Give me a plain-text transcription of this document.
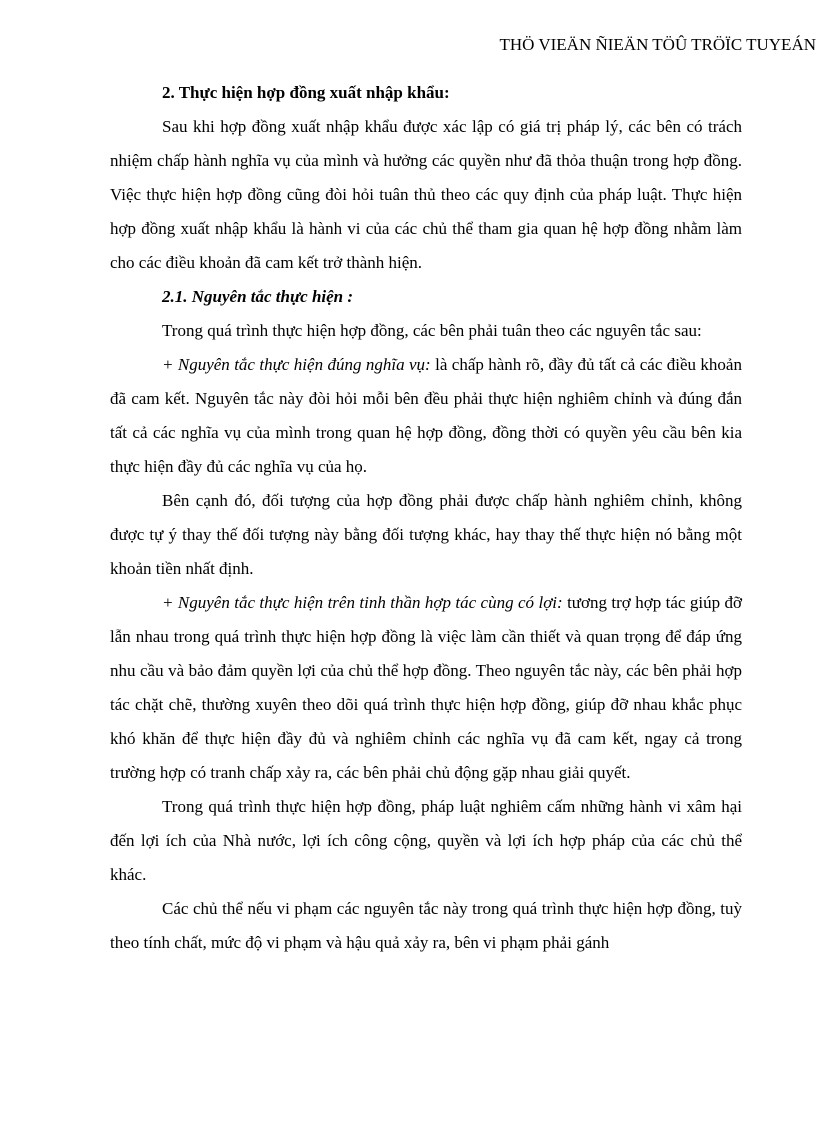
THÖ VIEÄN ÑIEÄN TÖÛ TRÖÏC TUYEÁN

2. Thực hiện hợp đồng xuất nhập khẩu:

Sau khi hợp đồng xuất nhập khẩu được xác lập có giá trị pháp lý, các bên có trách nhiệm chấp hành nghĩa vụ của mình và hưởng các quyền như đã thỏa thuận trong hợp đồng. Việc thực hiện hợp đồng cũng đòi hỏi tuân thủ theo các quy định của pháp luật. Thực hiện hợp đồng xuất nhập khẩu là hành vi của các chủ thể tham gia quan hệ hợp đồng nhằm làm cho các điều khoản đã cam kết trở thành hiện.

2.1. Nguyên tắc thực hiện :

Trong quá trình thực hiện hợp đồng, các bên phải tuân theo các nguyên tắc sau:

+ Nguyên tắc thực hiện đúng nghĩa vụ: là chấp hành rõ, đầy đủ tất cả các điều khoản đã cam kết. Nguyên tắc này đòi hỏi mỗi bên đều phải thực hiện nghiêm chỉnh và đúng đắn tất cả các nghĩa vụ của mình trong quan hệ hợp đồng, đồng thời có quyền yêu cầu bên kia thực hiện đầy đủ các nghĩa vụ của họ.

Bên cạnh đó, đối tượng của hợp đồng phải được chấp hành nghiêm chỉnh, không được tự ý thay thế đối tượng này bằng đối tượng khác, hay thay thế thực hiện nó bằng một khoản tiền nhất định.

+ Nguyên tắc thực hiện trên tinh thần hợp tác cùng có lợi: tương trợ hợp tác giúp đỡ lẫn nhau trong quá trình thực hiện hợp đồng là việc làm cần thiết và quan trọng để đáp ứng nhu cầu và bảo đảm quyền lợi của chủ thể hợp đồng. Theo nguyên tắc này, các bên phải hợp tác chặt chẽ, thường xuyên theo dõi quá trình thực hiện hợp đồng, giúp đỡ nhau khắc phục khó khăn để thực hiện đầy đủ và nghiêm chỉnh các nghĩa vụ đã cam kết, ngay cả trong trường hợp có tranh chấp xảy ra, các bên phải chủ động gặp nhau giải quyết.

Trong quá trình thực hiện hợp đồng, pháp luật nghiêm cấm những hành vi xâm hại đến lợi ích của Nhà nước, lợi ích công cộng, quyền và lợi ích hợp pháp của các chủ thể khác.

Các chủ thể nếu vi phạm các nguyên tắc này trong quá trình thực hiện hợp đồng, tuỳ theo tính chất, mức độ vi phạm và hậu quả xảy ra, bên vi phạm phải gánh
